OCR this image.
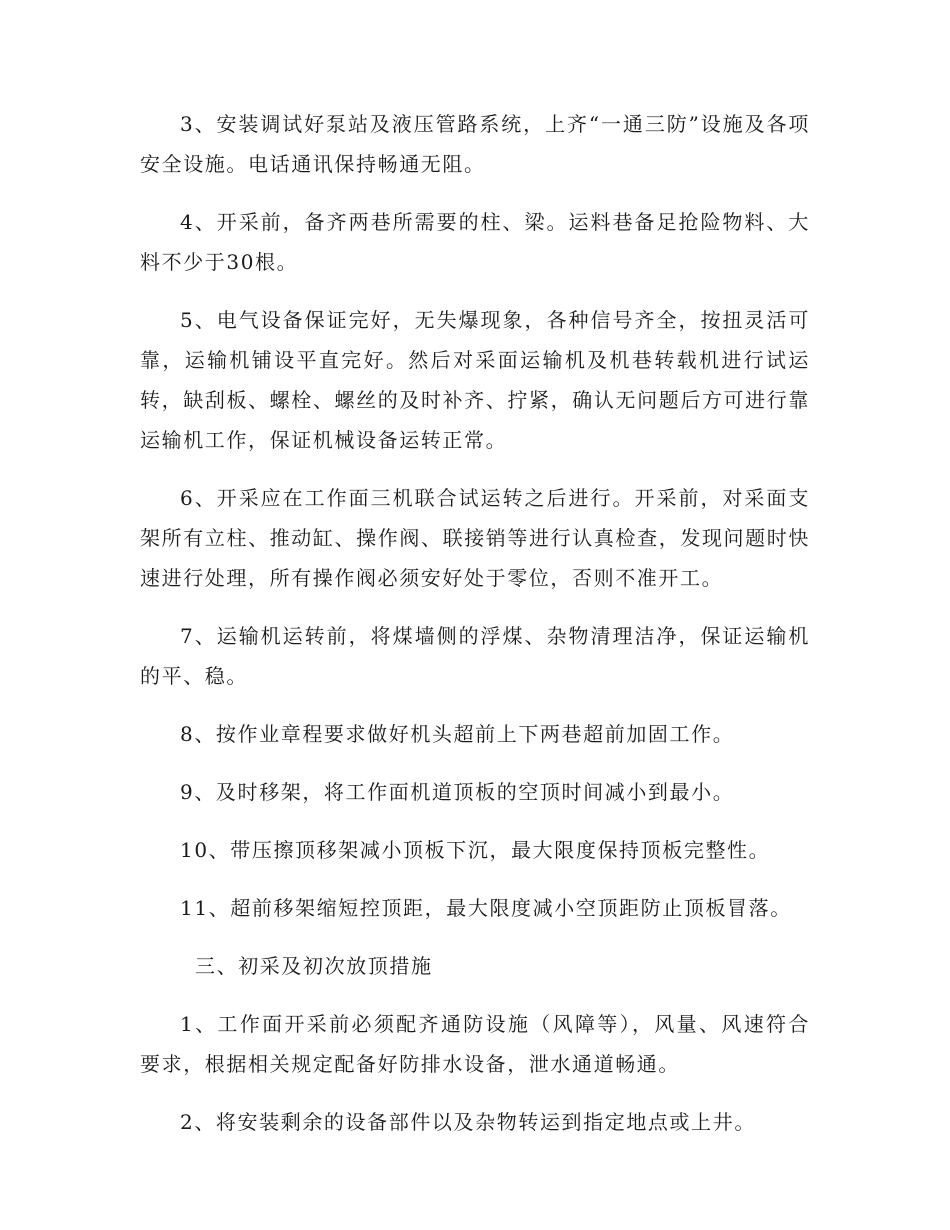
3、安装调试好泵站及液压管路系统，上齐“一通三防”设施及各项安全设施。电话通讯保持畅通无阻。

4、开采前，备齐两巷所需要的柱、梁。运料巷备足抢险物料、大料不少于30根。

5、电气设备保证完好，无失爆现象，各种信号齐全，按扭灵活可靠，运输机铺设平直完好。然后对采面运输机及机巷转载机进行试运转，缺刮板、螺栓、螺丝的及时补齐、拧紧，确认无问题后方可进行靠运输机工作，保证机械设备运转正常。

6、开采应在工作面三机联合试运转之后进行。开采前，对采面支架所有立柱、推动缸、操作阀、联接销等进行认真检查，发现问题时快速进行处理，所有操作阀必须安好处于零位，否则不准开工。

7、运输机运转前，将煤墙侧的浮煤、杂物清理洁净，保证运输机的平、稳。

8、按作业章程要求做好机头超前上下两巷超前加固工作。

9、及时移架，将工作面机道顶板的空顶时间减小到最小。

10、带压擦顶移架减小顶板下沉，最大限度保持顶板完整性。

11、超前移架缩短控顶距，最大限度减小空顶距防止顶板冒落。

三、初采及初次放顶措施

1、工作面开采前必须配齐通防设施（风障等），风量、风速符合要求，根据相关规定配备好防排水设备，泄水通道畅通。

2、将安装剩余的设备部件以及杂物转运到指定地点或上井。
